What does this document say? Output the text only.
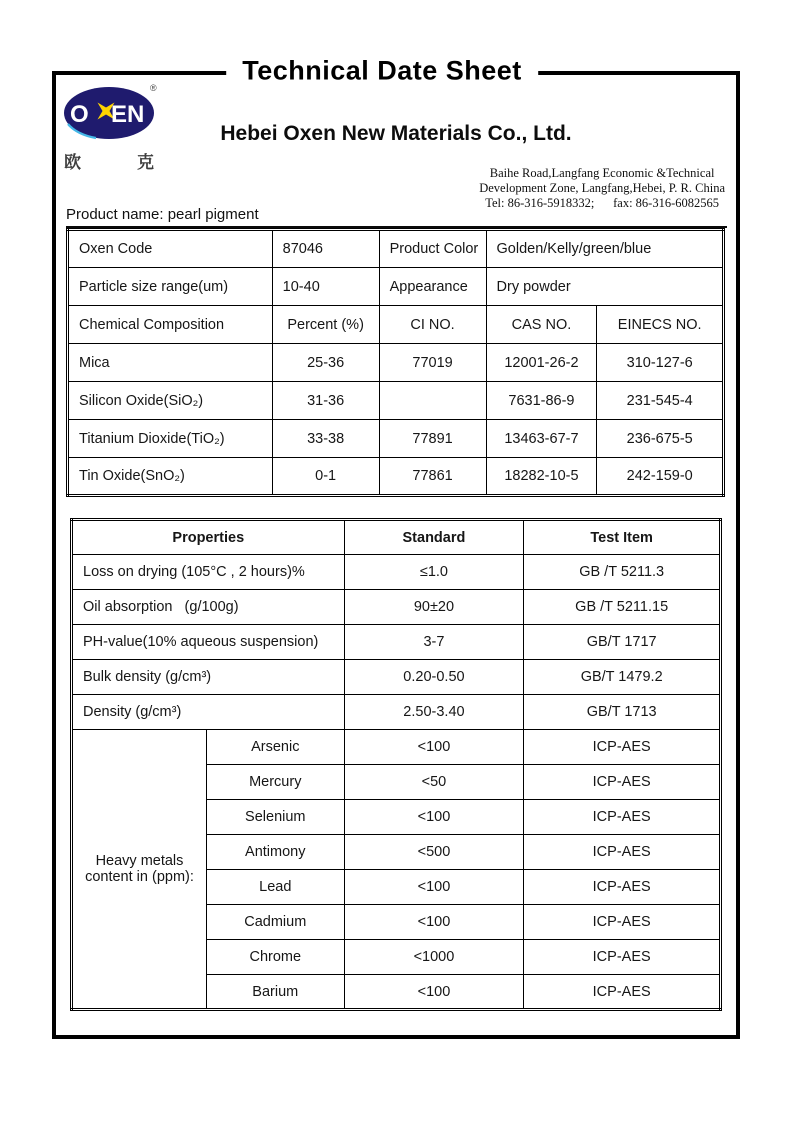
Technical Date Sheet
O EN
®
欧	克
Hebei Oxen New Materials Co., Ltd.
Baihe Road,Langfang Economic &Technical
Development Zone, Langfang,Hebei, P. R. China
Tel: 86-316-5918332;      fax: 86-316-6082565
Product name: pearl pigment
Oxen Code	87046	Product Color	Golden/Kelly/green/blue	
Particle size range(um)	10-40	Appearance	Dry powder	
Chemical Composition	Percent (%)	CI NO.	CAS NO.	EINECS NO.
Mica	25-36	77019	12001-26-2	310-127-6
Silicon Oxide(SiO₂)	31-36		7631-86-9	231-545-4
Titanium Dioxide(TiO₂)	33-38	77891	13463-67-7	236-675-5
Tin Oxide(SnO₂)	0-1	77861	18282-10-5	242-159-0
Properties		Standard	Test Item
Loss on drying (105°C , 2 hours)%		≤1.0	GB /T 5211.3
Oil absorption   (g/100g)		90±20	GB /T 5211.15
PH-value(10% aqueous suspension)		3-7	GB/T 1717
Bulk density (g/cm³)		0.20-0.50	GB/T 1479.2
Density (g/cm³)		2.50-3.40	GB/T 1713
Heavy metals content in (ppm):	Arsenic	<100	ICP-AES
	Mercury	<50	ICP-AES
	Selenium	<100	ICP-AES
	Antimony	<500	ICP-AES
	Lead	<100	ICP-AES
	Cadmium	<100	ICP-AES
	Chrome	<1000	ICP-AES
	Barium	<100	ICP-AES
